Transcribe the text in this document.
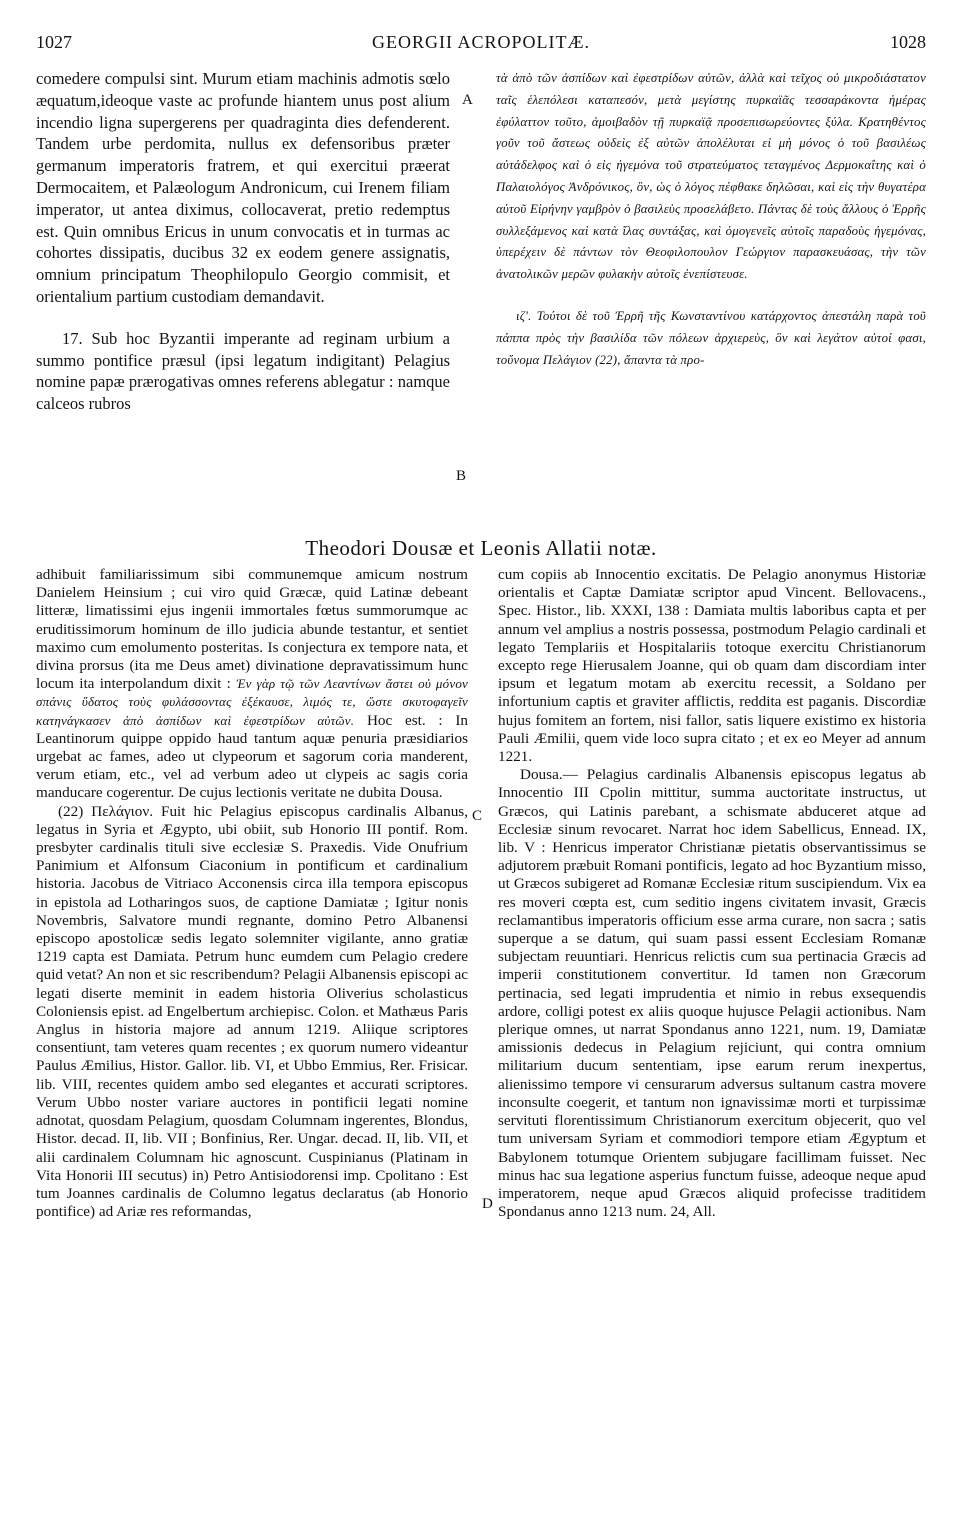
1027	GEORGII ACROPOLITÆ.	1028
A
B
C
D

comedere compulsi sint. Murum etiam machinis admotis sœlo æquatum,ideoque vaste ac profunde hiantem unus post alium incendio ligna supergerens per quadraginta dies defenderent. Tandem urbe perdomita, nullus ex defensoribus præter germanum imperatoris fratrem, et qui exercitui præerat Dermocaitem, et Palæologum Andronicum, cui Irenem filiam imperator, ut antea diximus, collocaverat, pretio redemptus est. Quin omnibus Ericus in unum convocatis et in turmas ac cohortes dissipatis, ducibus 32 ex eodem genere assignatis, omnium principatum Theophilopulo Georgio commisit, et orientalium partium custodiam demandavit.

17. Sub hoc Byzantii imperante ad reginam urbium a summo pontifice præsul (ipsi legatum indigitant) Pelagius nomine papæ prærogativas omnes referens ablegatur : namque calceos rubros

τὰ ἀπὸ τῶν ἀσπίδων καὶ ἐφεστρίδων αὐτῶν, ἀλλὰ καὶ τεῖχος οὐ μικροδιάστατον ταῖς ἑλεπόλεσι καταπεσόν, μετὰ μεγίστης πυρκαϊᾶς τεσσαράκοντα ἡμέρας ἐφύλαττον τοῦτο, ἀμοιβαδὸν τῇ πυρκαϊᾷ προσεπισωρεύοντες ξύλα. Κρατηθέντος γοῦν τοῦ ἄστεως οὐδεὶς ἐξ αὐτῶν ἀπολέλυται εἰ μὴ μόνος ὁ τοῦ βασιλέως αὐτάδελφος καὶ ὁ εἰς ἡγεμόνα τοῦ στρατεύματος τεταγμένος Δερμοκαΐτης καὶ ὁ Παλαιολόγος Ἀνδρόνικος, ὃν, ὡς ὁ λόγος πέφθακε δηλῶσαι, καὶ εἰς τὴν θυγατέρα αὐτοῦ Εἰρήνην γαμβρὸν ὁ βασιλεὺς προσελάβετο. Πάντας δὲ τοὺς ἄλλους ὁ Ἐρρῆς συλλεξάμενος καὶ κατὰ ἴλας συντάξας, καὶ ὁμογενεῖς αὐτοῖς παραδοὺς ἡγεμόνας, ὑπερέχειν δὲ πάντων τὸν Θεοφιλοπουλον Γεώργιον παρασκευάσας, τὴν τῶν ἀνατολικῶν μερῶν φυλακὴν αὐτοῖς ἐνεπίστευσε.

ιζʹ. Τούτοι δὲ τοῦ Ἐρρῆ τῆς Κωνσταντίνου κατάρχοντος ἀπεστάλη παρὰ τοῦ πάππα πρὸς τὴν βασιλίδα τῶν πόλεων ἀρχιερεὺς, ὃν καὶ λεγάτον αὐτοί φασι, τοὔνομα Πελάγιον (22), ἅπαντα τὰ προ-

Theodori Dousæ et Leonis Allatii notæ.

adhibuit familiarissimum sibi communemque amicum nostrum Danielem Heinsium ; cui viro quid Græcæ, quid Latinæ debeant litteræ, limatissimi ejus ingenii immortales fœtus summorumque ac eruditissimorum hominum de illo judicia abunde testantur, et sentiet maximo cum emolumento posteritas. Is conjectura ex tempore nata, et divina prorsus (ita me Deus amet) divinatione depravatissimum hunc locum ita interpolandum dixit : Ἐν γὰρ τῷ τῶν Λεαντίνων ἄστει οὐ μόνον σπάνις ὕδατος τοὺς φυλάσσοντας ἐξέκαυσε, λιμός τε, ὥστε σκυτοφαγεῖν κατηνάγκασεν ἀπὸ ἀσπίδων καὶ ἐφεστρίδων αὐτῶν. Hoc est. : In Leantinorum quippe oppido haud tantum aquæ penuria præsidiarios urgebat ac fames, adeo ut clypeorum et sagorum coria manderent, verum etiam, etc., vel ad verbum adeo ut clypeis ac sagis coria manducare cogerentur. De cujus lectionis veritate ne dubita Dousa.

(22) Πελάγιον. Fuit hic Pelagius episcopus cardinalis Albanus, legatus in Syria et Ægypto, ubi obiit, sub Honorio III pontif. Rom. presbyter cardinalis tituli sive ecclesiæ S. Praxedis. Vide Onufrium Panimium et Alfonsum Ciaconium in pontificum et cardinalium historia. Jacobus de Vitriaco Acconensis circa illa tempora episcopus in epistola ad Lotharingos suos, de captione Damiatæ ; Igitur nonis Novembris, Salvatore mundi regnante, domino Petro Albanensi episcopo apostolicæ sedis legato solemniter vigilante, anno gratiæ 1219 capta est Damiata. Petrum hunc eumdem cum Pelagio credere quid vetat? An non et sic rescribendum? Pelagii Albanensis episcopi ac legati diserte meminit in eadem historia Oliverius scholasticus Coloniensis epist. ad Engelbertum archiepisc. Colon. et Mathæus Paris Anglus in historia majore ad annum 1219. Aliique scriptores consentiunt, tam veteres quam recentes ; ex quorum numero videantur Paulus Æmilius, Histor. Gallor. lib. VI, et Ubbo Emmius, Rer. Frisicar. lib. VIII, recentes quidem ambo sed elegantes et accurati scriptores. Verum Ubbo noster variare auctores in pontificii legati nomine adnotat, quosdam Pelagium, quosdam Columnam ingerentes, Blondus, Histor. decad. II, lib. VII ; Bonfinius, Rer. Ungar. decad. II, lib. VII, et alii cardinalem Columnam hic agnoscunt. Cuspinianus (Platinam in Vita Honorii III secutus) in) Petro Antisiodorensi imp. Cpolitano : Est tum Joannes cardinalis de Columno legatus declaratus (ab Honorio pontifice) ad Ariæ res reformandas,

cum copiis ab Innocentio excitatis. De Pelagio anonymus Historiæ orientalis et Captæ Damiatæ scriptor apud Vincent. Bellovacens., Spec. Histor., lib. XXXI, 138 : Damiata multis laboribus capta et per annum vel amplius a nostris possessa, postmodum Pelagio cardinali et legato Templariis et Hospitalariis totoque exercitu Christianorum excepto rege Hierusalem Joanne, qui ob quam dam discordiam inter ipsum et legatum motam ab exercitu recessit, a Soldano per infortunium captis et graviter afflictis, reddita est paganis. Discordiæ hujus fomitem an fortem, nisi fallor, satis liquere existimo ex historia Pauli Æmilii, quem vide loco supra citato ; et ex eo Meyer ad annum 1221.

Dousa.— Pelagius cardinalis Albanensis episcopus legatus ab Innocentio III Cpolin mittitur, summa auctoritate instructus, ut Græcos, qui Latinis parebant, a schismate abduceret atque ad Ecclesiæ sinum revocaret. Narrat hoc idem Sabellicus, Ennead. IX, lib. V : Henricus imperator Christianæ pietatis observantissimus se adjutorem præbuit Romani pontificis, legato ad hoc Byzantium misso, ut Græcos subigeret ad Romanæ Ecclesiæ ritum suscipiendum. Vix ea res moveri cœpta est, cum seditio ingens civitatem invasit, Græcis reclamantibus imperatoris officium esse arma curare, non sacra ; satis superque a se datum, qui suam passi essent Ecclesiam Romanæ subjectam reuuntiari. Henricus relictis cum sua pertinacia Græcis ad imperii constitutionem convertitur. Id tamen non Græcorum pertinacia, sed legati imprudentia et nimio in rebus exsequendis ardore, colligi potest ex aliis quoque hujusce Pelagii actionibus. Nam plerique omnes, ut narrat Spondanus anno 1221, num. 19, Damiatæ amissionis dedecus in Pelagium rejiciunt, qui contra omnium militarium ducum sententiam, ipse earum rerum inexpertus, alienissimo tempore vi censurarum adversus sultanum castra movere inconsulte coegerit, et tantum non ignavissimæ morti et turpissimæ servituti florentissimum Christianorum exercitum objecerit, quo vel tum universam Syriam et commodiori tempore etiam Ægyptum et Babylonem totumque Orientem subjugare facillimam fuisset. Nec minus hac sua legatione asperius functum fuisse, adeoque neque apud imperatorem, neque apud Græcos aliquid profecisse traditidem Spondanus anno 1213 num. 24, All.
